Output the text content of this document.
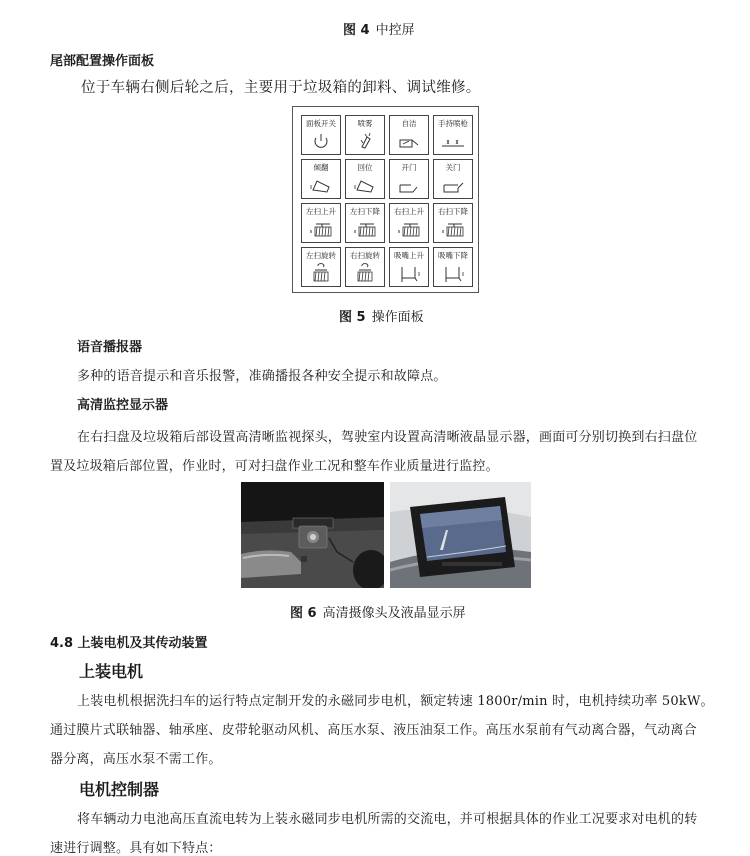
图 4 中控屏
尾部配置操作面板
位于车辆右侧后轮之后，主要用于垃圾箱的卸料、调试维修。
面板开关	喷雾	自洁	手持喷枪
倾翻	回位	开门	关门
左扫上升 左扫下降 右扫上升 右扫下降
左扫旋转 右扫旋转 吸嘴上升 吸嘴下降
图 5 操作面板
语音播报器
多种的语音提示和音乐报警，准确播报各种安全提示和故障点。
高清监控显示器
在右扫盘及垃圾箱后部设置高清晰监视探头，驾驶室内设置高清晰液晶显示器，画面可分别切换到右扫盘位
置及垃圾箱后部位置，作业时，可对扫盘作业工况和整车作业质量进行监控。
图 6 高清摄像头及液晶显示屏
4.8 上装电机及其传动装置
上装电机
上装电机根据洗扫车的运行特点定制开发的永磁同步电机，额定转速 1800r/min 时，电机持续功率 50kW。
通过膜片式联轴器、轴承座、皮带轮驱动风机、高压水泵、液压油泵工作。高压水泵前有气动离合器，气动离合
器分离，高压水泵不需工作。
电机控制器
将车辆动力电池高压直流电转为上装永磁同步电机所需的交流电，并可根据具体的作业工况要求对电机的转
速进行调整。具有如下特点：
